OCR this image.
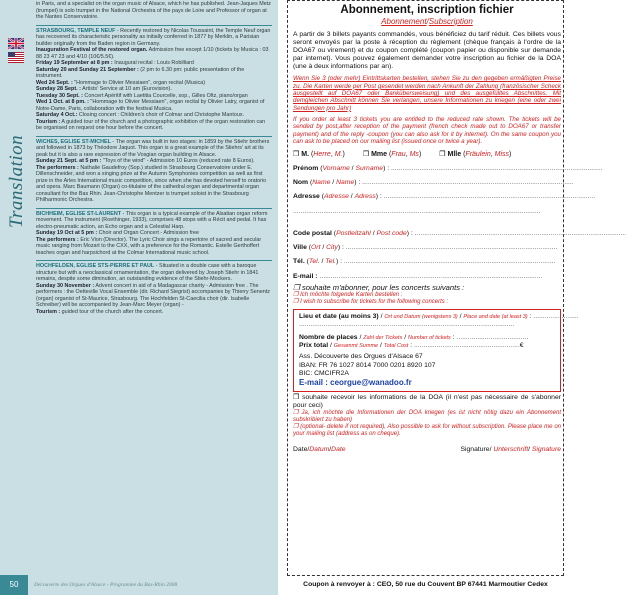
Translation

in Paris, and a specialist on the organ music of Alsace, which he has published. Jean-Jaques Metz (trumpet) is solo trumpet in the National Orchestra of the pays de Loire and Professor of organ at the Nantes Conservatoire.

STRASBOURG, TEMPLE NEUF - Recently restored by Nicolas Toussaint, the Temple Neuf organ has recovered its characteristic personality as initially conferred in 1877 by Merklin, a Parisian builder originally from the Baden region in Germany.

Inauguration Festival of the restored organ. Admission free except 1/10 (tickets by Musica : 03 88 23 47 23 and 4/10 (10€/5.5€).

Friday 19 September at 8 pm : Inaugural recital : Louis Robilliard

Saturday 20 and Sunday 21 September : (2 pm to 6.30 pm: public presentation of the instrument.

Wed 24 Sept. : "Hommage to Olivier Messiaen", organ recital (Musica)

Sunday 28 Sept. : Artists' Service at 10 am (Eurovision).

Tuesday 30 Sept. : Concert Apéritif with Laetitia Courcelle, sop., Gilles Oltz, piano/organ

Wed 1 Oct. at 8 pm. : "Hommage to Olivier Messiaen", organ recital by Olivier Latry, organist of Notre-Dame, Paris, collaboration with the festival Musica.

Saturday 4 Oct.: Closing concert : Children's choir of Colmar and Christophe Mantoux.

Tourism : A guided tour of the church and a photographic exhibition of the organ restoration can be organised on request one hour before the concert.

WICHES, EGLISE ST-MICHEL - The organ was built in two stages: in 1859 by the Stiehr brothers and followed in 1873 by Théodore Jaquot. This organ is a great example of the Stiehrs' art at its peak but it is also a rare expression of the Vosgian organ building in Alsace.

Sunday 21 Sept. at 5 pm : "Toys of the wind" - Admission 10 Euros (reduced rate 8 Euros).

The performers : Nathalie Gaudefroy (Sop.) studied in Strasbourg Conservatoire under E. Dillenschneider, and won a singing prize at the Autumn Symphonies competition as well as first prize in the Arles International music competition, since when she has devoted herself to oratorio and opera. Marc Baumann (Organ) co-titulaire of the cathedral organ and departmental organ consultant for the Bas Rhin. Jean-Christophe Mentzer is trumpet soloist in the Strasbourg Philharmonic Orchestra.

BICHHEIM, EGLISE ST-LAURENT - This organ is a typical example of the Alsatian organ reform movement. The instrument (Roethinger, 1933), comprises 48 stops with a Récit and pedal. It has electro-pneumatic action, an Echo organ and a Celestial Harp.

Sunday 19 Oct at 5 pm : Choir and Organ Concert - Admission free

The performers : Eric Vion (Director). The Lyric Choir sings a repertoire of sacred and secular music ranging from Mozart to the CXX, with a preference for the Romantic. Estelle Gerthoffert teaches organ and harpsichord at the Colmar International music school.

HOCHFELDEN, EGLISE STS-PIERRE ET PAUL - Situated in a double case with a baroque structure but with a neoclassical ornamentation, the organ delivered by Joseph Stiehr in 1841 remains, despite some diminution, an outstanding evidence of the Stiehr-Mockers.

Sunday 30 November : Advent concert in aid of a Madagascar charity - Admission free . The performers : the Oetteville Vocal Ensemble (dir. Richard Siegrist) accompanies by Thierry Senentz (organ) organist of St-Maurice, Strasbourg. The Hochfelden St-Caecilia choir (dir. Isabelle Schreiber) will be accompanied by Jean-Marc Meyer (organ) -

Tourism : guided tour of the church after the concert.

50	Découverte des Orgues d'Alsace - Programme du Bas-Rhin 2008
Abonnement, inscription fichier
Abonnement/Subscription

A partir de 3 billets payants commandés, vous bénéficiez du tarif réduit. Ces billets vous seront envoyés par la poste à réception du règlement (chèque français à l'ordre de la DOA67 ou virement) et du coupon complété (coupon papier ou disponible sur demande par internet). Vous pouvez également demander votre inscription au fichier de la DOA (une à deux informations par an).

Wenn Sie 3 (oder mehr) Eintrittskarten bestellen, stehen Sie zu den gegeben ermäßigten Preise zu. Die Karten werde per Post gesendet werden nach Ankunft der Zahlung (französischer Scheck ausgestellt auf DOA67 oder Bankübersweisung) und des ausgefülltes Abschnittes. Mit demgleichen Abschnitt können Sie verlangen, unsere Informationen zu kriegen (eine oder zwei Sendungen pro Jahr)

If you order at least 3 tickets you are entitled to the reduced rate shown. The tickets will be sended by post,after reception of the payment (french check made out to DOA67 or transfer payment) and of the reply -coupon (you can also ask for it by internet). On the same coupon you can ask to be placed on our mailing list (issued once or twice a year).

❒ M. (Herre, M.)	❒ Mme (Frau, Ms)	❒ Mlle (Fräulein, Miss)
Prénom (Vorname / Surname) : ................................................................................................................
Nom (Name / Name) : ................................................................................................................
Adresse (Adresse / Adress) : ................................................................................................................
...................................................................................................................................
Code postal (Postleitzahl / Post code) : ................................................................................................................
Ville (Ort / City) : ................................................................................................................
Tél. (Tel. / Tel.) : ................................................................................................................
E-mail : ......................................................................................................................

❒ souhaite m'abonner, pour les concerts suivants :

❒ Ich möchte folgende Karten bestellen :

❒ I wish to subscribe for tickets for the following concerts :

Lieu et date (au moins 3) / Ort und Datum (wenigstens 3) / Place and date (at least 3) : ........................
..................................................................................................................
Nombre de places / Zahl der Tickets / Number of tickets : ......................................
Prix total / Gesammt Summe / Total Cost : ........................................................€

Ass. Découverte des Orgues d'Alsace 67

IBAN: FR 76 1027 8014 7000 0201 8920 107

BIC: CMCIFR2A

E-mail : ceorgue@wanadoo.fr

❒ souhaite recevoir les informations de la DOA (il n'est pas nécessaire de s'abonner pour ceci)

❒ Ja, ich möchte die Informationen der DOA kriegen (es ist nicht nötig dazu ein Abonnement subskribiert zu haben)

❒ (optional- delete if not required), Also possible to ask for without subscription. Please place me on your mailing list (address as on cheque).

Date/Datum/Date	Signature/ Unterschrift/ Signature
Coupon à renvoyer à : CEO, 50 rue du Couvent BP 67441 Marmoutier Cedex
